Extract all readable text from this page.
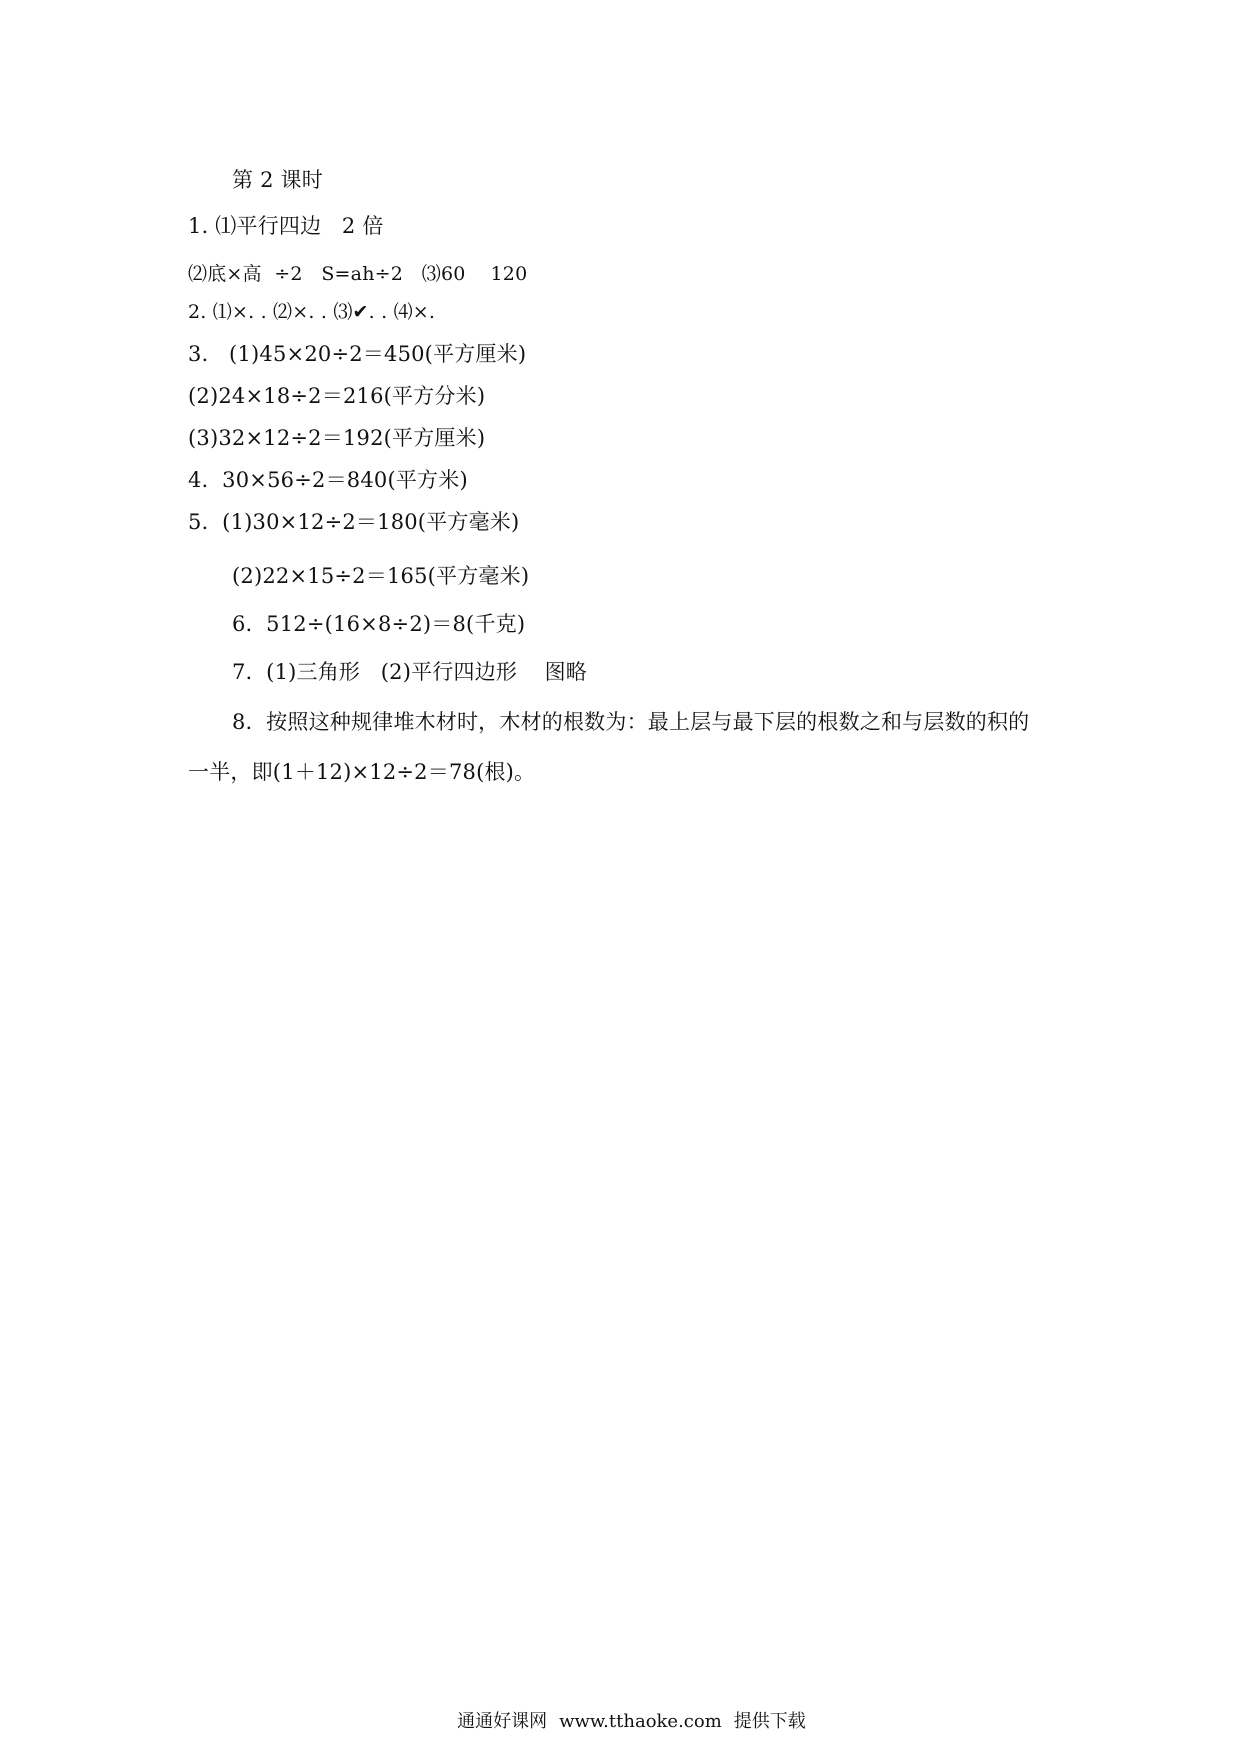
第 2 课时
1. ⑴平行四边   2 倍
⑵底×高  ÷2   S=ah÷2   ⑶60    120
2. ⑴×. . ⑵×. . ⑶✔. . ⑷×.
3.   (1)45×20÷2＝450(平方厘米)
(2)24×18÷2＝216(平方分米)
(3)32×12÷2＝192(平方厘米)
4.  30×56÷2＝840(平方米)
5.  (1)30×12÷2＝180(平方毫米)
(2)22×15÷2＝165(平方毫米)
6.  512÷(16×8÷2)＝8(千克)
7.  (1)三角形   (2)平行四边形    图略
8.  按照这种规律堆木材时，木材的根数为：最上层与最下层的根数之和与层数的积的
一半，即(1＋12)×12÷2＝78(根)。

通通好课网 www.tthaoke.com 提供下载
